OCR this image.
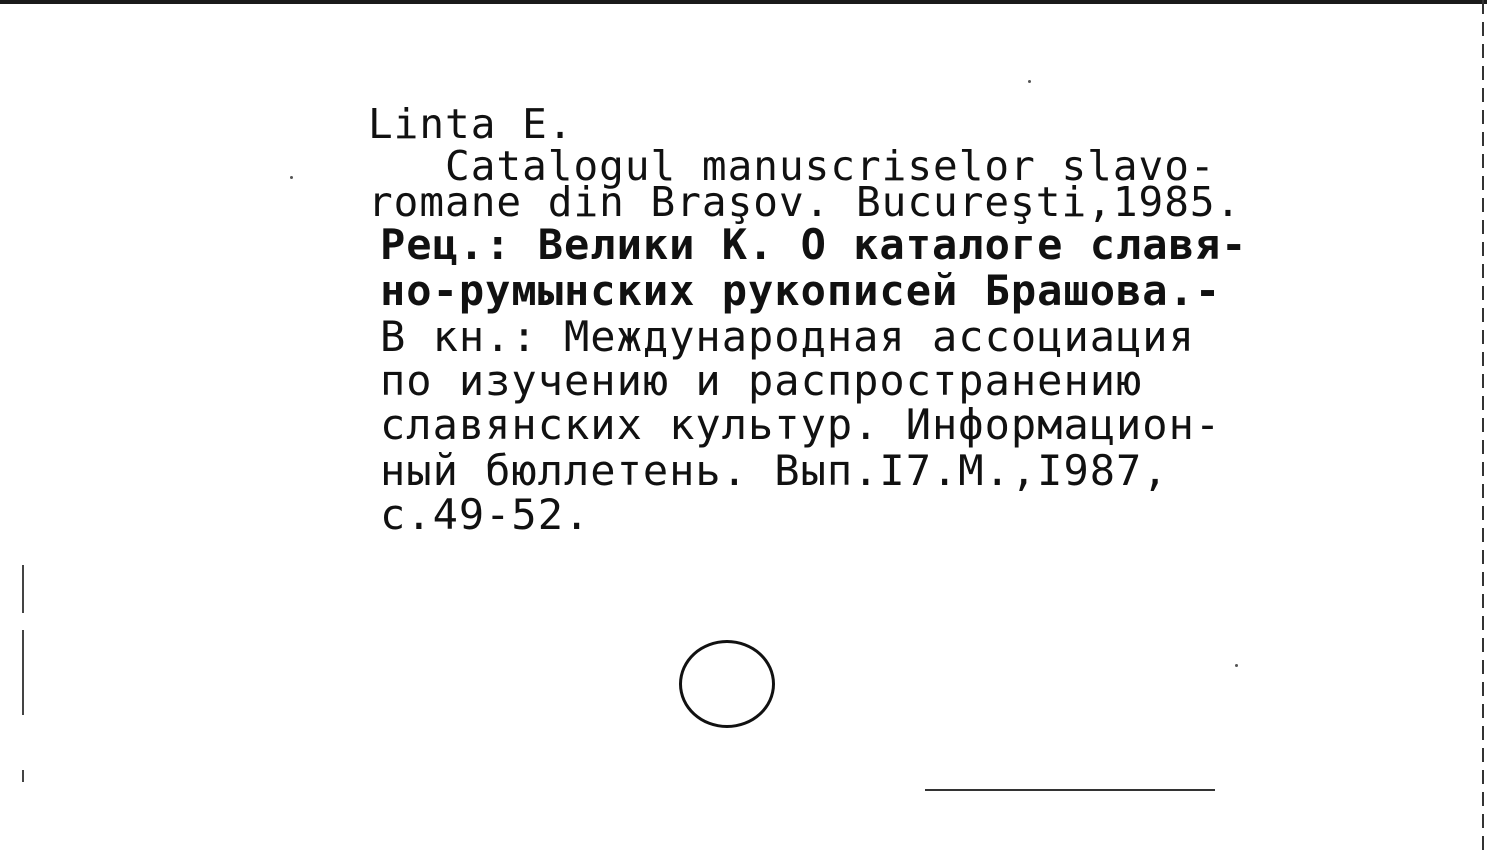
Linta E.
Catalogul manuscriselor slavo-
romane din Braşov. Bucureşti,1985.
Рец.: Велики К. О каталоге славя-
но-румынских рукописей Брашова.-
В кн.: Международная ассоциация
по изучению и распространению
славянских культур. Информацион-
ный бюллетень. Вып.I7.М.,I987,
с.49-52.
